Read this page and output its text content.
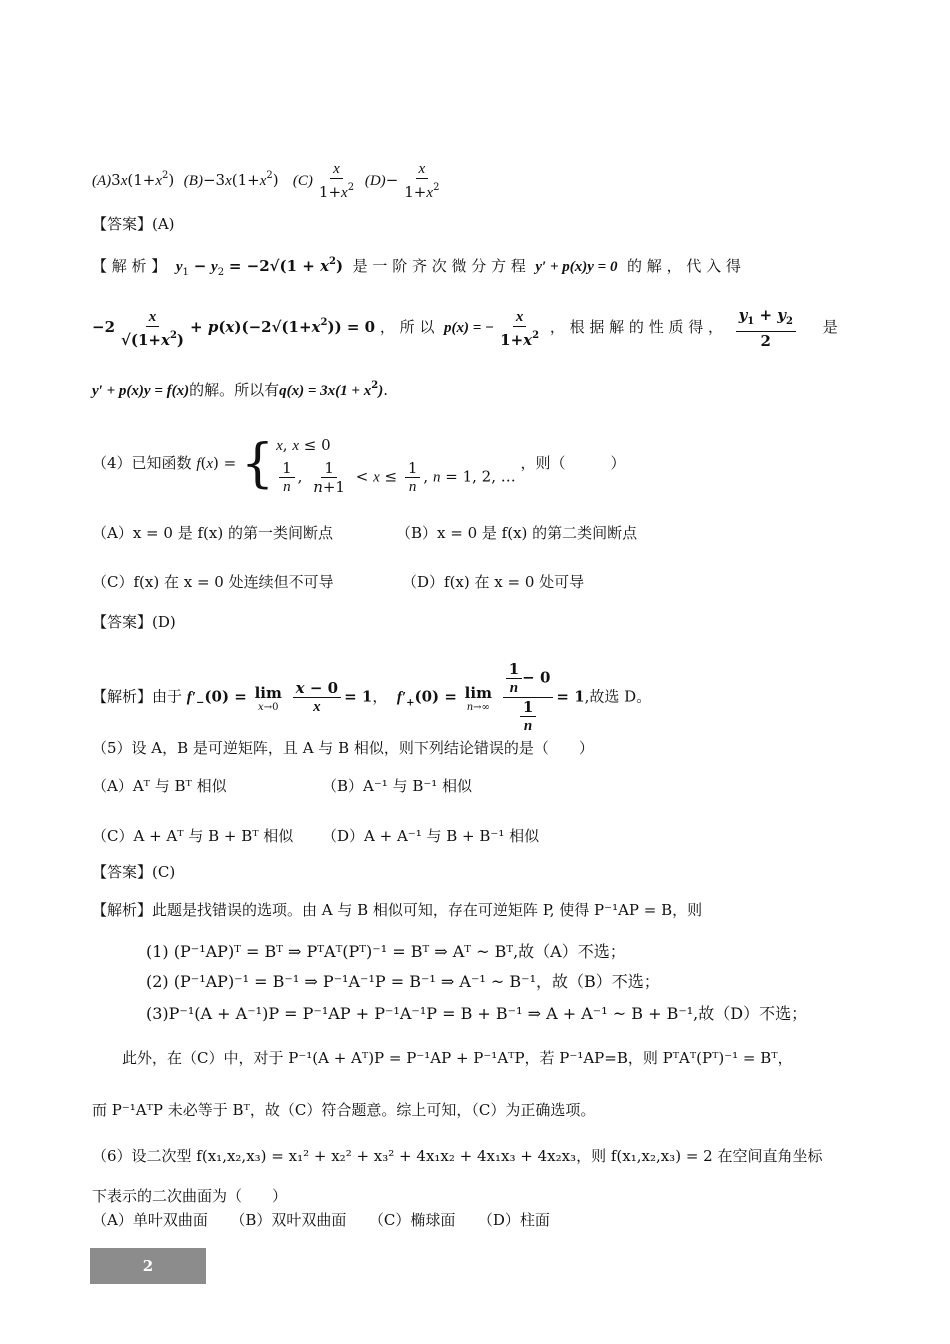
$(A)3x(1+x^2)$  $(B)-3x(1+x^2)$   $(C) \frac{x}{1+x^2} (D)- \frac{x}{1+x^2}$
【答案】(A)
【 解 析 】 $y_1 - y_2 = -2√(1 + x^2)$ 是 一 阶 齐 次 微 分 方 程 y′ + p(x)y = 0 的 解 ， 代 入 得
$-2 \frac{x}{√(1+x^2)} + p(x)(-2√(1+x^2)) = 0$ ， 所 以 p(x) = − $\frac{x}{1+x^2}$ ， 根 据 解 的 性 质 得 ， $\frac{y_1 + y_2}{2}$ 是
y′ + p(x)y = f(x)的解。所以有$q(x) = 3x(1 + x^2)$.
（4）已知函数 f(x) = { x, x ≤ 0
$\frac{1}{n}$ , $\frac{1}{n+1} < x \le \frac{1}{n}$ , n = 1, 2, …
，则（　　　）
（A）x = 0 是 f(x) 的第一类间断点	（B）x = 0 是 f(x) 的第二类间断点
（C）f(x) 在 x = 0 处连续但不可导	（D）f(x) 在 x = 0 处可导
【答案】(D)
【解析】由于 $f'_-(0) = \lim$
x→0
$\frac{x - 0}{x} = 1$，  $f'_+(0) = \lim$
n→∞
$\frac{\frac{1}{n} - 0}{\frac{1}{n}} = 1$,故选 D。
（5）设 A，B 是可逆矩阵，且 A 与 B 相似，则下列结论错误的是（　　）
（A）Aᵀ 与 Bᵀ 相似	（B）A⁻¹ 与 B⁻¹ 相似
（C）A + Aᵀ 与 B + Bᵀ 相似 （D）A + A⁻¹ 与 B + B⁻¹ 相似
【答案】(C)
【解析】此题是找错误的选项。由 A 与 B 相似可知，存在可逆矩阵 P, 使得 P⁻¹AP = B，则
(1) (P⁻¹AP)ᵀ = Bᵀ ⇒ PᵀAᵀ(Pᵀ)⁻¹ = Bᵀ ⇒ Aᵀ ~ Bᵀ,故（A）不选；
(2) (P⁻¹AP)⁻¹ = B⁻¹ ⇒ P⁻¹A⁻¹P = B⁻¹ ⇒ A⁻¹ ~ B⁻¹，故（B）不选；
(3)P⁻¹(A + A⁻¹)P = P⁻¹AP + P⁻¹A⁻¹P = B + B⁻¹ ⇒ A + A⁻¹ ~ B + B⁻¹,故（D）不选；
此外，在（C）中，对于 P⁻¹(A + Aᵀ)P = P⁻¹AP + P⁻¹AᵀP，若 P⁻¹AP=B，则 PᵀAᵀ(Pᵀ)⁻¹ = Bᵀ，
而 P⁻¹AᵀP 未必等于 Bᵀ，故（C）符合题意。综上可知，（C）为正确选项。
（6）设二次型 f(x₁,x₂,x₃) = x₁² + x₂² + x₃² + 4x₁x₂ + 4x₁x₃ + 4x₂x₃，则 f(x₁,x₂,x₃) = 2 在空间直角坐标
下表示的二次曲面为（　　）
（A）单叶双曲面　　（B）双叶双曲面　　（C）椭球面　　（D）柱面
2
